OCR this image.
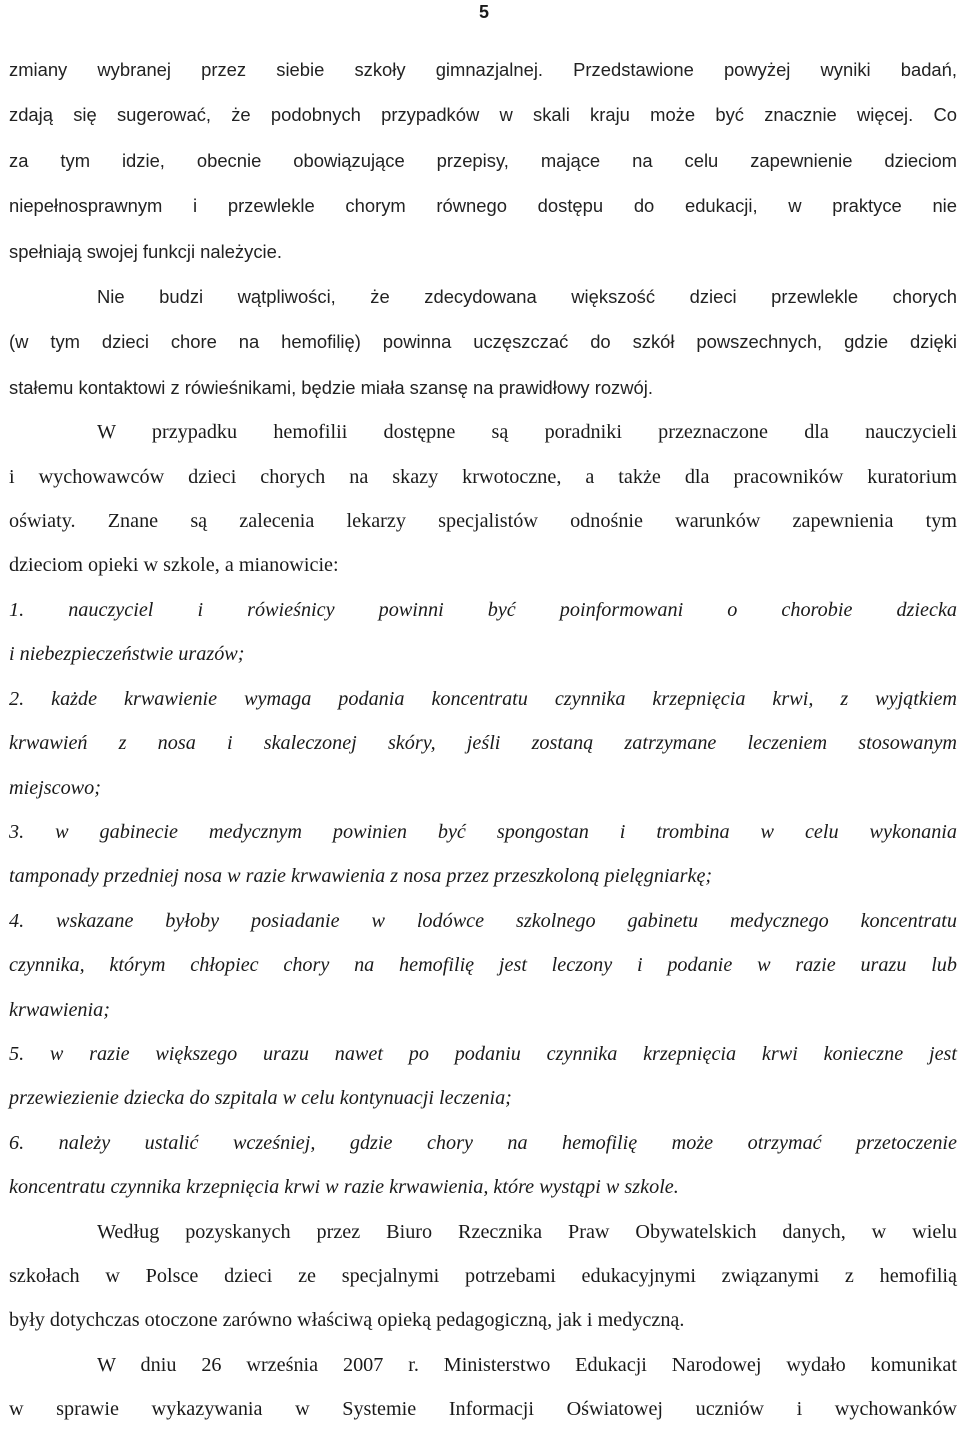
5

zmiany wybranej przez siebie szkoły gimnazjalnej. Przedstawione powyżej wyniki badań,

zdają się sugerować, że podobnych przypadków w skali kraju może być znacznie więcej. Co

za tym idzie, obecnie obowiązujące przepisy, mające na celu zapewnienie dzieciom

niepełnosprawnym i przewlekle chorym równego dostępu do edukacji, w praktyce nie

spełniają swojej funkcji należycie.

Nie budzi wątpliwości, że zdecydowana większość dzieci przewlekle chorych

(w tym dzieci chore na hemofilię) powinna uczęszczać do szkół powszechnych, gdzie dzięki

stałemu kontaktowi z rówieśnikami, będzie miała szansę na prawidłowy rozwój.

W przypadku hemofilii dostępne są poradniki przeznaczone dla nauczycieli

i wychowawców dzieci chorych na skazy krwotoczne, a także dla pracowników kuratorium

oświaty. Znane są zalecenia lekarzy specjalistów odnośnie warunków zapewnienia tym

dzieciom opieki w szkole, a mianowicie:

1. nauczyciel i rówieśnicy powinni być poinformowani o chorobie dziecka

i niebezpieczeństwie urazów;

2. każde krwawienie wymaga podania koncentratu czynnika krzepnięcia krwi, z wyjątkiem

krwawień z nosa i skaleczonej skóry, jeśli zostaną zatrzymane leczeniem stosowanym

miejscowo;

3. w gabinecie medycznym powinien być spongostan i trombina w celu wykonania

tamponady przedniej nosa w razie krwawienia z nosa przez przeszkoloną pielęgniarkę;

4. wskazane byłoby posiadanie w lodówce szkolnego gabinetu medycznego koncentratu

czynnika, którym chłopiec chory na hemofilię jest leczony i podanie w razie urazu lub

krwawienia;

5. w razie większego urazu nawet po podaniu czynnika krzepnięcia krwi konieczne jest

przewiezienie dziecka do szpitala w celu kontynuacji leczenia;

6. należy ustalić wcześniej, gdzie chory na hemofilię może otrzymać przetoczenie

koncentratu czynnika krzepnięcia krwi w razie krwawienia, które wystąpi w szkole.

Według pozyskanych przez Biuro Rzecznika Praw Obywatelskich danych, w wielu

szkołach w Polsce dzieci ze specjalnymi potrzebami edukacyjnymi związanymi z hemofilią

były dotychczas otoczone zarówno właściwą opieką pedagogiczną, jak i medyczną.

W dniu 26 września 2007 r. Ministerstwo Edukacji Narodowej wydało komunikat

w sprawie wykazywania w Systemie Informacji Oświatowej uczniów i wychowanków
